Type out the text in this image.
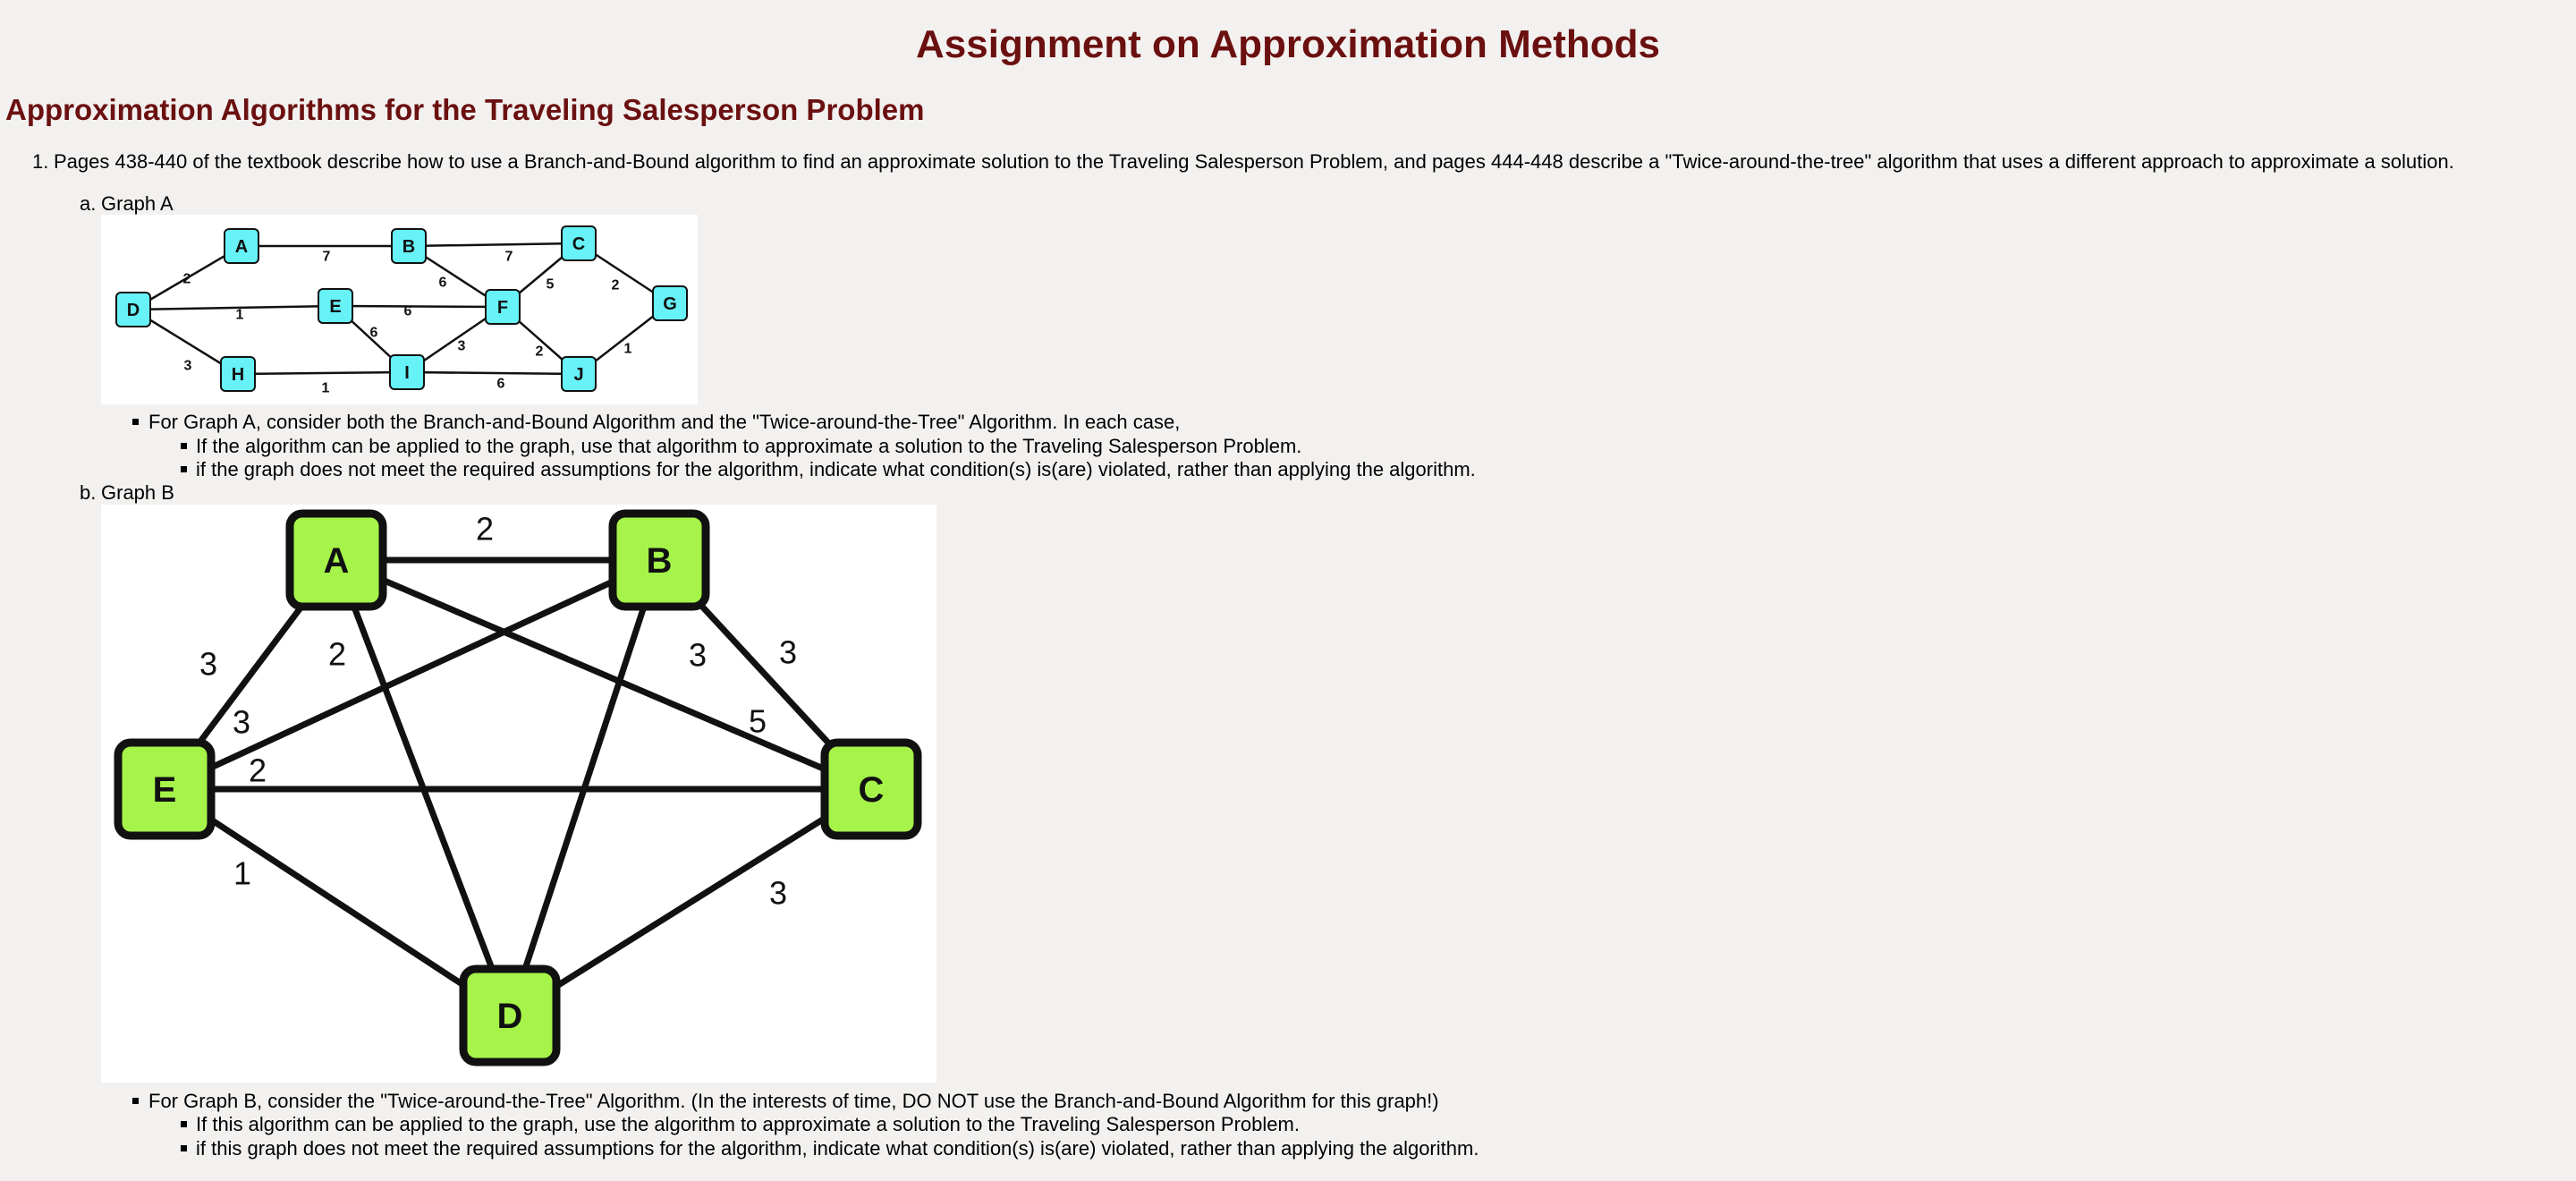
Assignment on Approximation Methods
Approximation Algorithms for the Traveling Salesperson Problem
1. Pages 438-440 of the textbook describe how to use a Branch-and-Bound algorithm to find an approximate solution to the Traveling Salesperson Problem, and pages 444-448 describe a "Twice-around-the-tree" algorithm that uses a different approach to approximate a solution.
a. Graph A
7	7
2
1	6
6	5	2
3
6
3	2	1
1	6
A	B	C
D	E	F	G
H	I	J
For Graph A, consider both the Branch-and-Bound Algorithm and the "Twice-around-the-Tree" Algorithm. In each case,
If the algorithm can be applied to the graph, use that algorithm to approximate a solution to the Traveling Salesperson Problem.
if the graph does not meet the required assumptions for the algorithm, indicate what condition(s) is(are) violated, rather than applying the algorithm.
b. Graph B
2
3	2
5
3
3 3
2
1
3
A	B
C
D
E
For Graph B, consider the "Twice-around-the-Tree" Algorithm. (In the interests of time, DO NOT use the Branch-and-Bound Algorithm for this graph!)
If this algorithm can be applied to the graph, use the algorithm to approximate a solution to the Traveling Salesperson Problem.
if this graph does not meet the required assumptions for the algorithm, indicate what condition(s) is(are) violated, rather than applying the algorithm.
